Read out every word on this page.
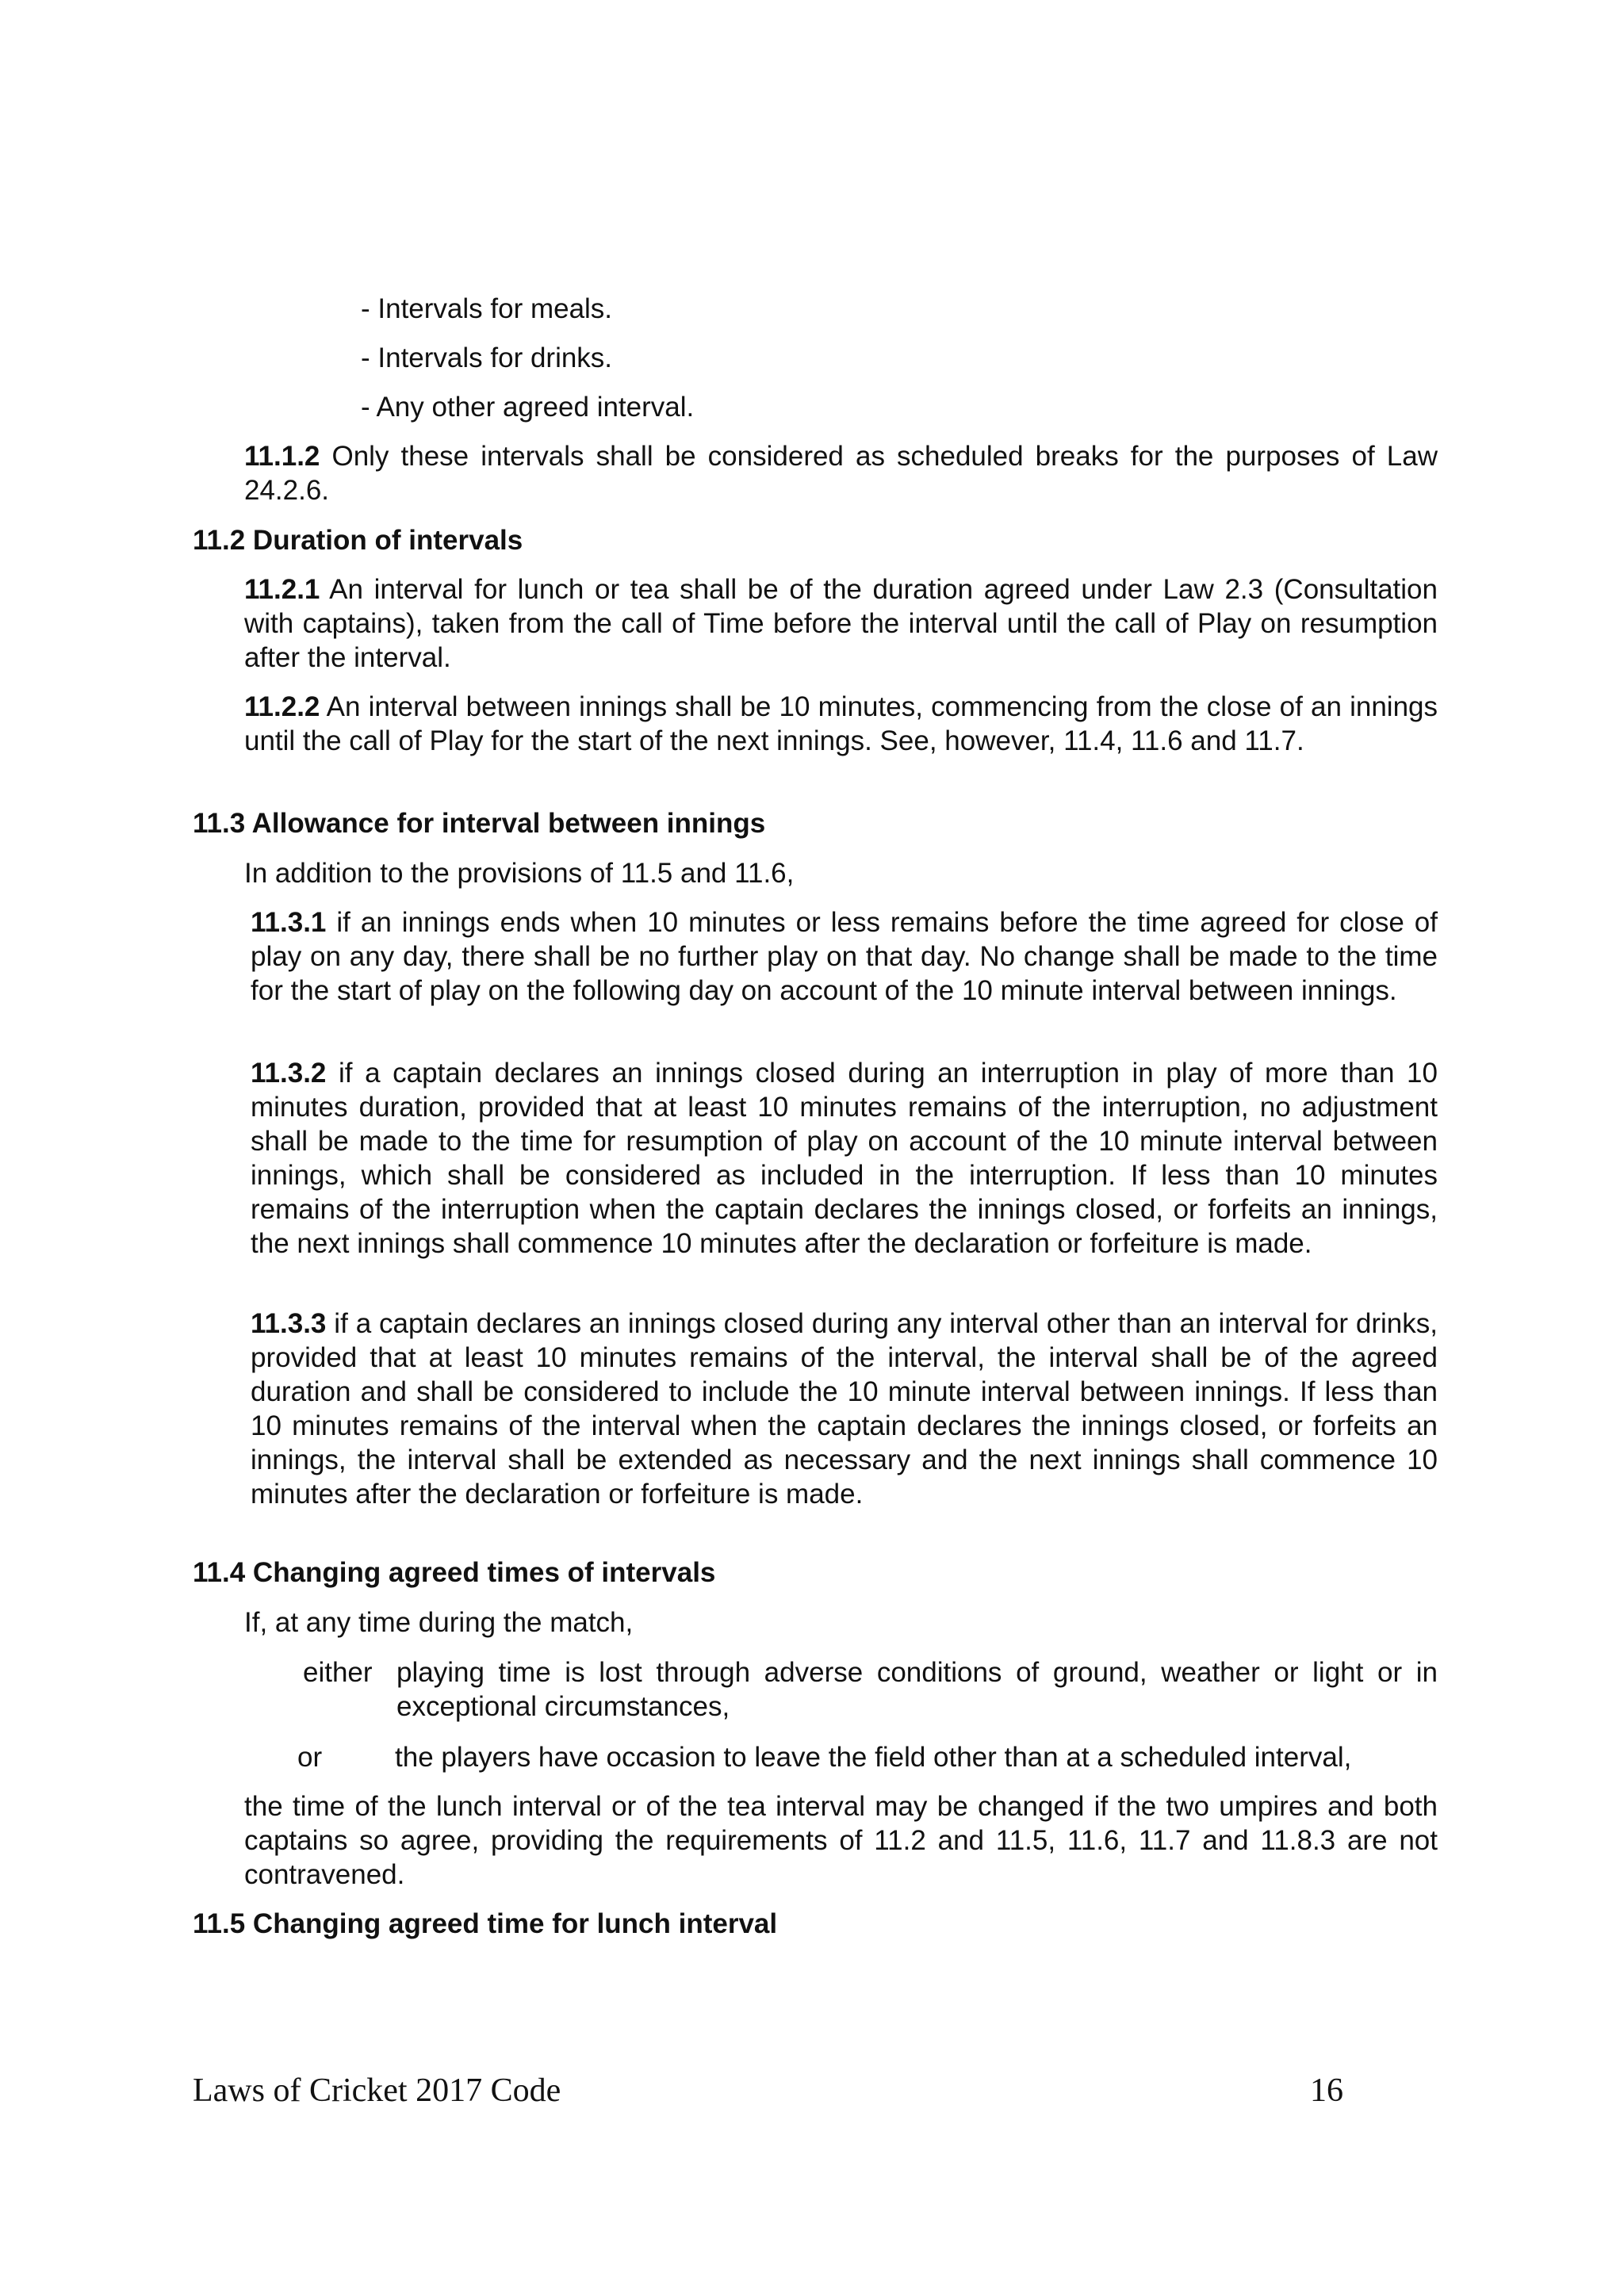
- Intervals for meals.
- Intervals for drinks.
- Any other agreed interval.
11.1.2 Only these intervals shall be considered as scheduled breaks for the purposes of Law 24.2.6.
11.2 Duration of intervals
11.2.1 An interval for lunch or tea shall be of the duration agreed under Law 2.3 (Consultation with captains), taken from the call of Time before the interval until the call of Play on resumption after the interval.
11.2.2 An interval between innings shall be 10 minutes, commencing from the close of an innings until the call of Play for the start of the next innings. See, however, 11.4, 11.6 and 11.7.
11.3 Allowance for interval between innings
In addition to the provisions of 11.5 and 11.6,
11.3.1 if an innings ends when 10 minutes or less remains before the time agreed for close of play on any day, there shall be no further play on that day. No change shall be made to the time for the start of play on the following day on account of the 10 minute interval between innings.
11.3.2 if a captain declares an innings closed during an interruption in play of more than 10 minutes duration, provided that at least 10 minutes remains of the interruption, no adjustment shall be made to the time for resumption of play on account of the 10 minute interval between innings, which shall be considered as included in the interruption. If less than 10 minutes remains of the interruption when the captain declares the innings closed, or forfeits an innings, the next innings shall commence 10 minutes after the declaration or forfeiture is made.
11.3.3 if a captain declares an innings closed during any interval other than an interval for drinks, provided that at least 10 minutes remains of the interval, the interval shall be of the agreed duration and shall be considered to include the 10 minute interval between innings. If less than 10 minutes remains of the interval when the captain declares the innings closed, or forfeits an innings, the interval shall be extended as necessary and the next innings shall commence 10 minutes after the declaration or forfeiture is made.
11.4 Changing agreed times of intervals
If, at any time during the match,
either playing time is lost through adverse conditions of ground, weather or light or in exceptional circumstances,
or	the players have occasion to leave the field other than at a scheduled interval,
the time of the lunch interval or of the tea interval may be changed if the two umpires and both captains so agree, providing the requirements of 11.2 and 11.5, 11.6, 11.7 and 11.8.3 are not contravened.
11.5 Changing agreed time for lunch interval
Laws of Cricket 2017 Code	16
